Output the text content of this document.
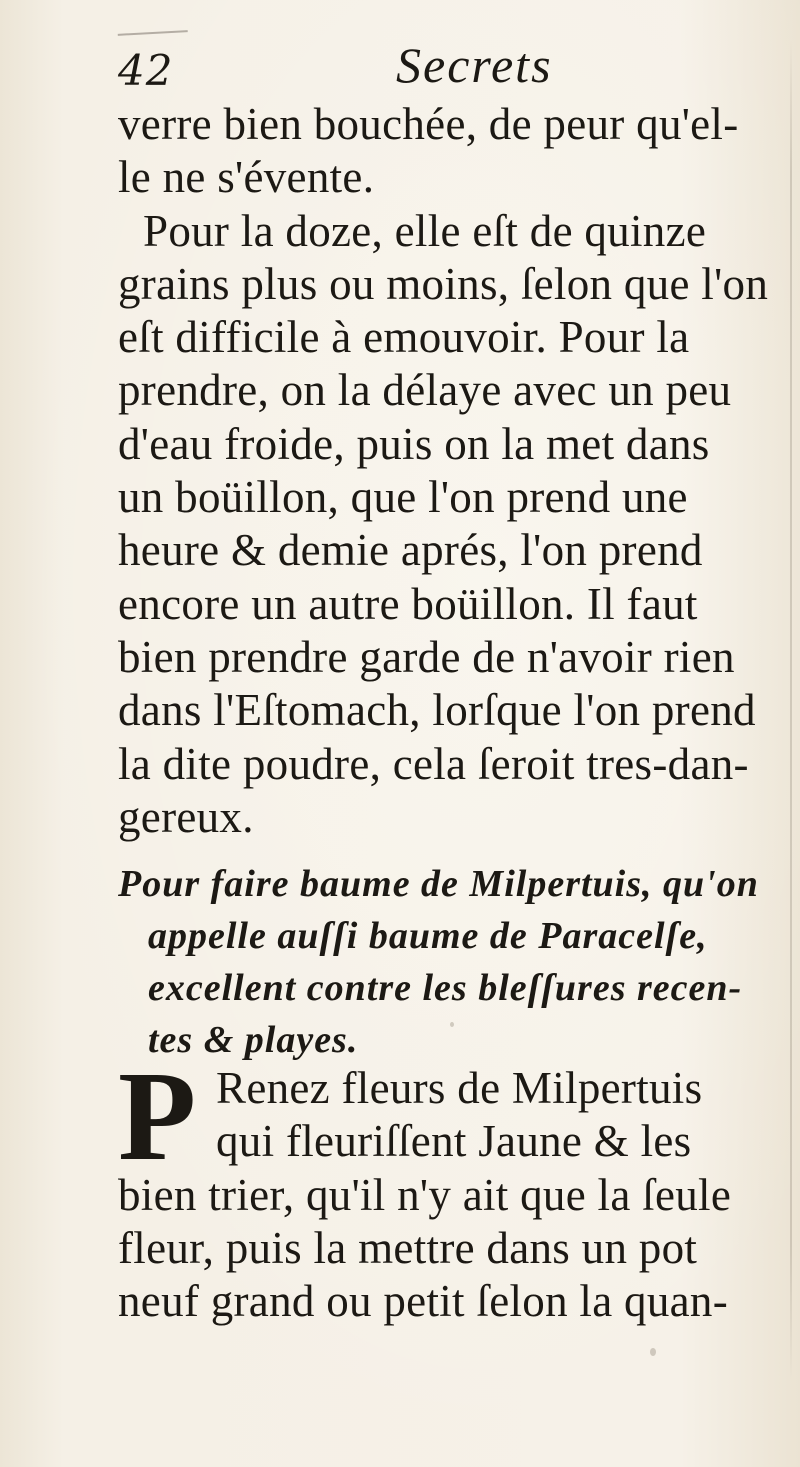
42	Secrets
verre bien bouchée, de peur qu'el-
le ne s'évente.
Pour la doze, elle eſt de quinze
grains plus ou moins, ſelon que l'on
eſt difficile à emouvoir. Pour la
prendre, on la délaye avec un peu
d'eau froide, puis on la met dans
un boüillon, que l'on prend une
heure & demie aprés, l'on prend
encore un autre boüillon. Il faut
bien prendre garde de n'avoir rien
dans l'Eſtomach, lorſque l'on prend
la dite poudre, cela ſeroit tres-dan-
gereux.
Pour faire baume de Milpertuis, qu'on
appelle auſſi baume de Paracelſe,
excellent contre les bleſſures recen-
tes & playes.
P Renez fleurs de Milpertuis
qui fleuriſſent Jaune & les
bien trier, qu'il n'y ait que la ſeule
fleur, puis la mettre dans un pot
neuf grand ou petit ſelon la quan-
